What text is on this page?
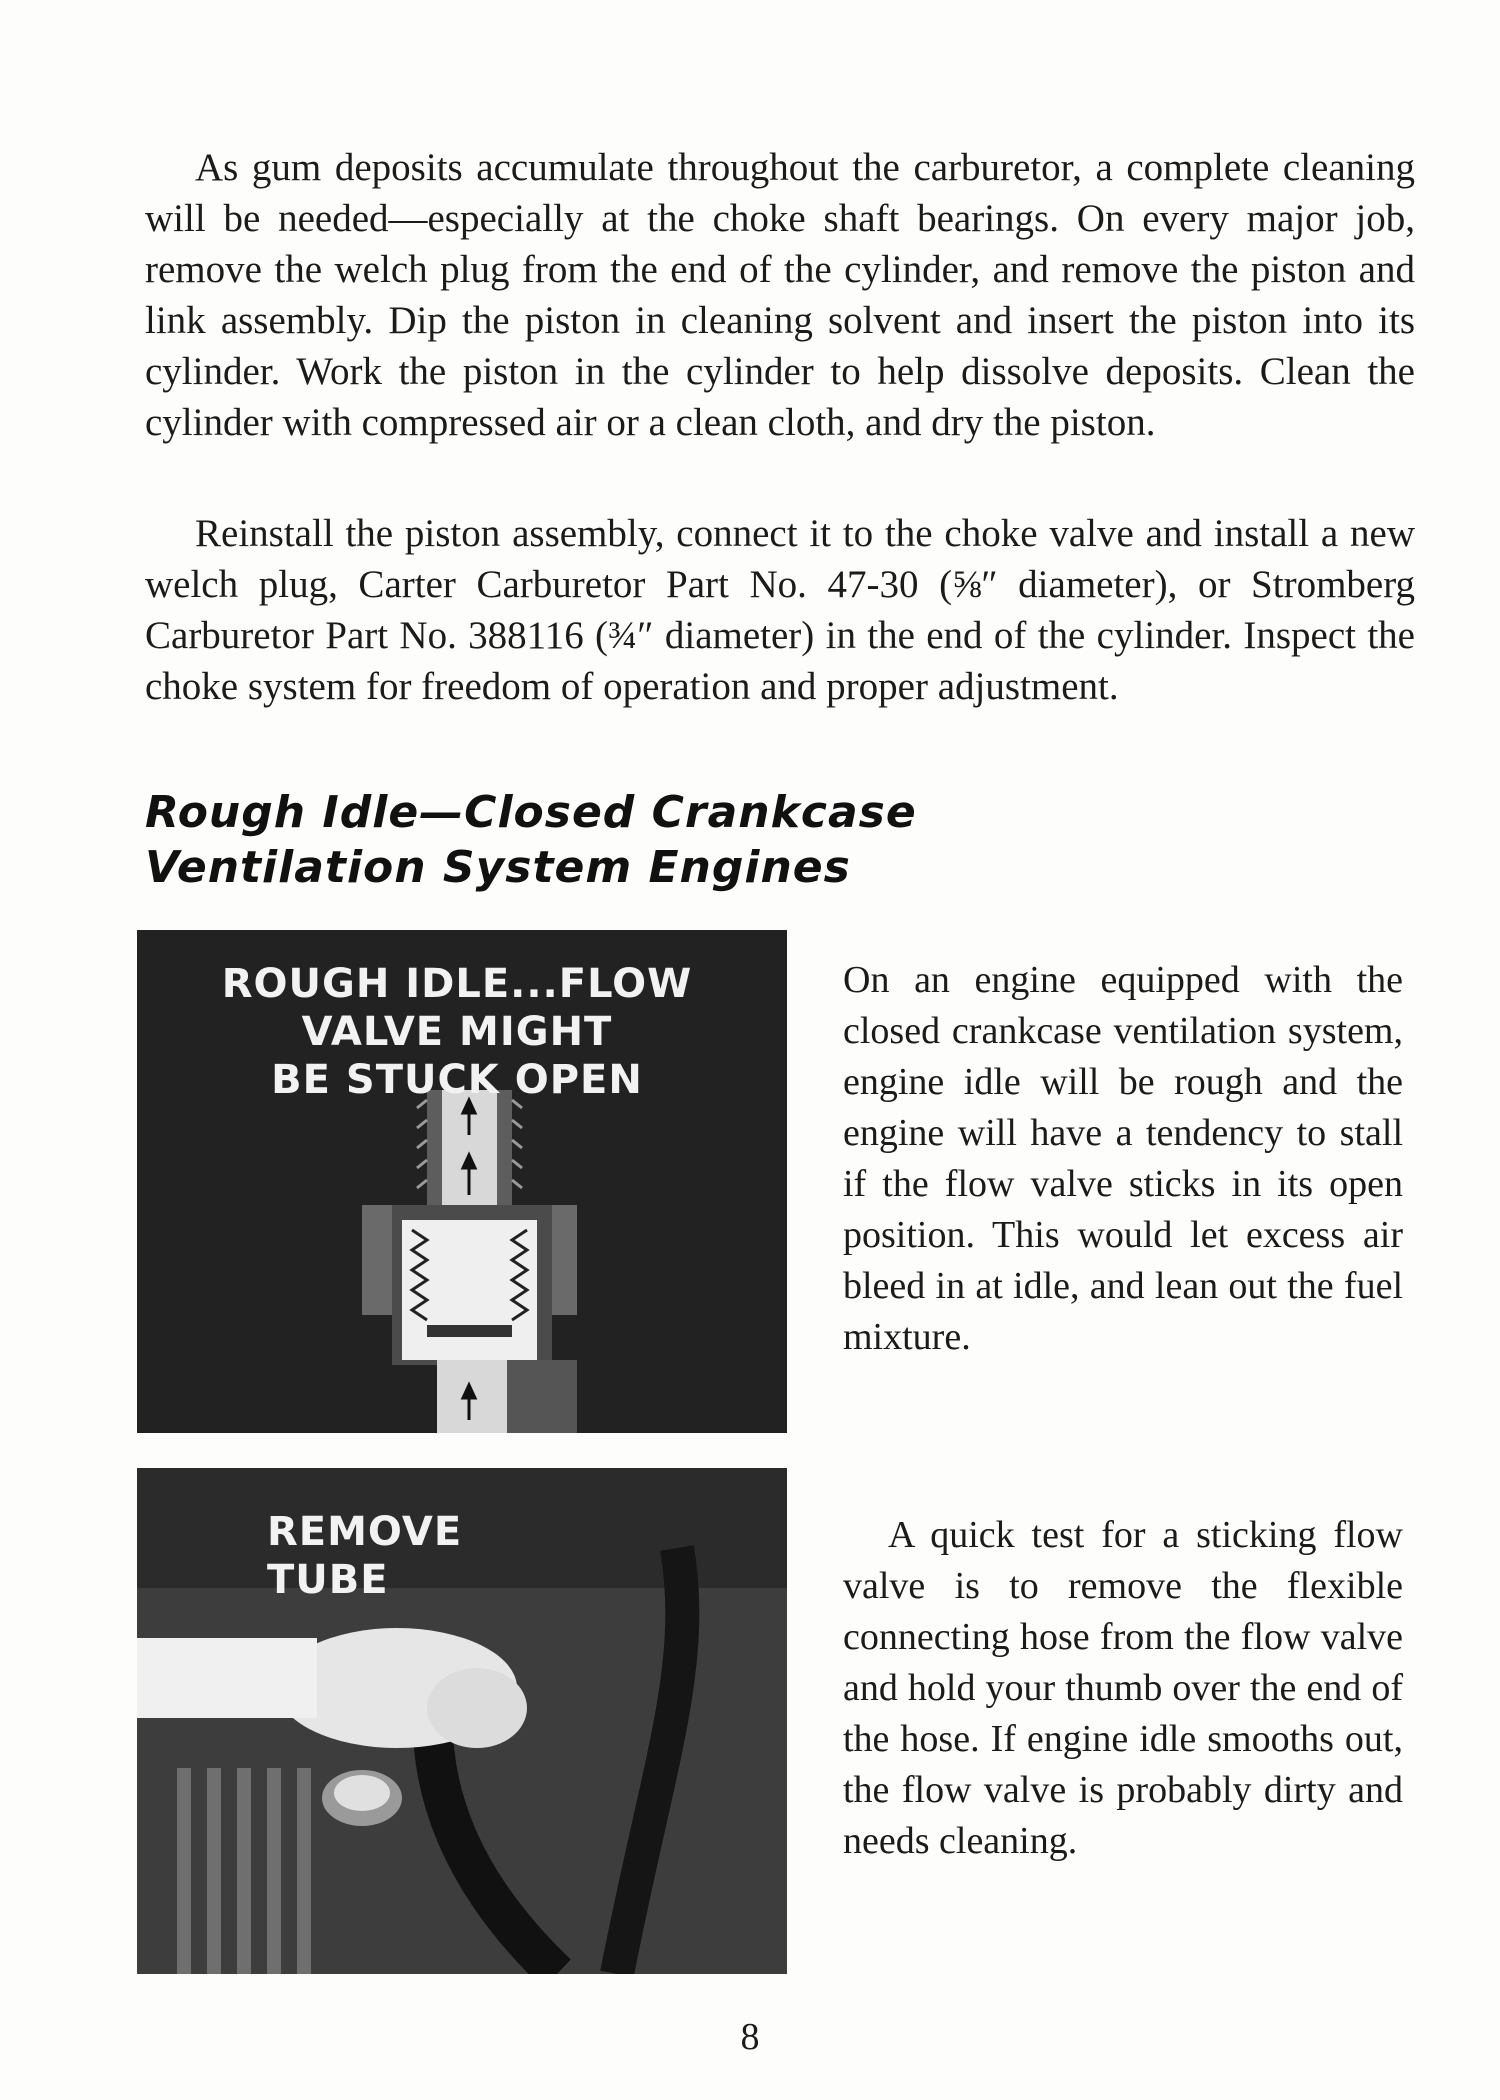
As gum deposits accumulate throughout the carburetor, a complete cleaning will be needed—especially at the choke shaft bearings. On every major job, remove the welch plug from the end of the cylinder, and remove the piston and link assembly. Dip the piston in cleaning solvent and insert the piston into its cylinder. Work the piston in the cylinder to help dissolve deposits. Clean the cylinder with compressed air or a clean cloth, and dry the piston.

Reinstall the piston assembly, connect it to the choke valve and install a new welch plug, Carter Carburetor Part No. 47-30 (⅝″ diameter), or Stromberg Carburetor Part No. 388116 (¾″ diameter) in the end of the cylinder. Inspect the choke system for freedom of operation and proper adjustment.

Rough Idle—Closed Crankcase
Ventilation System Engines
ROUGH IDLE...FLOW VALVE MIGHT
BE STUCK OPEN
REMOVE TUBE

On an engine equipped with the closed crankcase ventilation system, engine idle will be rough and the engine will have a tendency to stall if the flow valve sticks in its open position. This would let excess air bleed in at idle, and lean out the fuel mixture.

A quick test for a sticking flow valve is to remove the flexible connecting hose from the flow valve and hold your thumb over the end of the hose. If engine idle smooths out, the flow valve is probably dirty and needs cleaning.

8
